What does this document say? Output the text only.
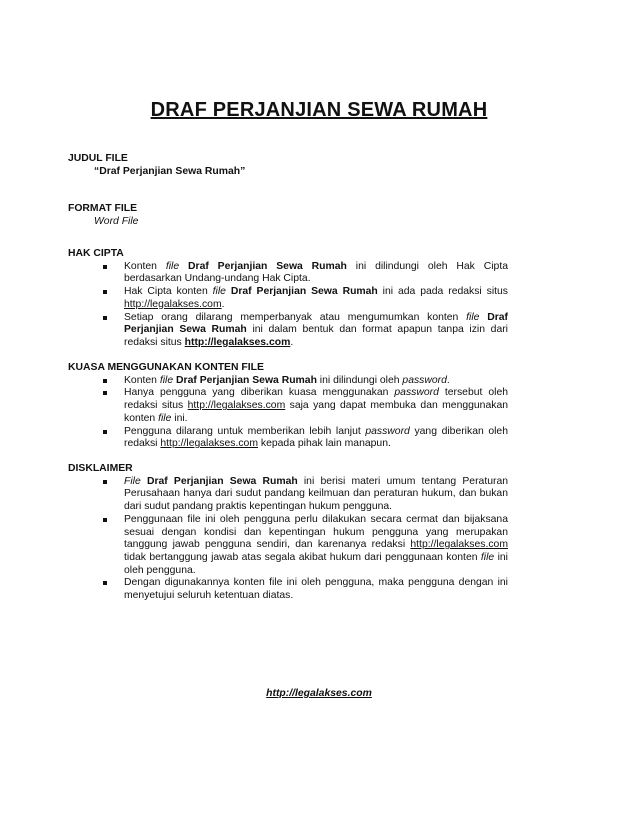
DRAF PERJANJIAN SEWA RUMAH
JUDUL FILE
“Draf Perjanjian Sewa Rumah”
FORMAT FILE
Word File
HAK CIPTA
Konten file Draf Perjanjian Sewa Rumah ini dilindungi oleh Hak Cipta berdasarkan Undang-undang Hak Cipta.
Hak Cipta konten file Draf Perjanjian Sewa Rumah ini ada pada redaksi situs http://legalakses.com.
Setiap orang dilarang memperbanyak atau mengumumkan konten file Draf Perjanjian Sewa Rumah ini dalam bentuk dan format apapun tanpa izin dari redaksi situs http://legalakses.com.
KUASA MENGGUNAKAN KONTEN FILE
Konten file Draf Perjanjian Sewa Rumah ini dilindungi oleh password.
Hanya pengguna yang diberikan kuasa menggunakan password tersebut oleh redaksi situs http://legalakses.com saja yang dapat membuka dan menggunakan konten file ini.
Pengguna dilarang untuk memberikan lebih lanjut password yang diberikan oleh redaksi http://legalakses.com kepada pihak lain manapun.
DISKLAIMER
File Draf Perjanjian Sewa Rumah ini berisi materi umum tentang Peraturan Perusahaan hanya dari sudut pandang keilmuan dan peraturan hukum, dan bukan dari sudut pandang praktis kepentingan hukum pengguna.
Penggunaan file ini oleh pengguna perlu dilakukan secara cermat dan bijaksana sesuai dengan kondisi dan kepentingan hukum pengguna yang merupakan tanggung jawab pengguna sendiri, dan karenanya redaksi http://legalakses.com tidak bertanggung jawab atas segala akibat hukum dari penggunaan konten file ini oleh pengguna.
Dengan digunakannya konten file ini oleh pengguna, maka pengguna dengan ini menyetujui seluruh ketentuan diatas.
http://legalakses.com
